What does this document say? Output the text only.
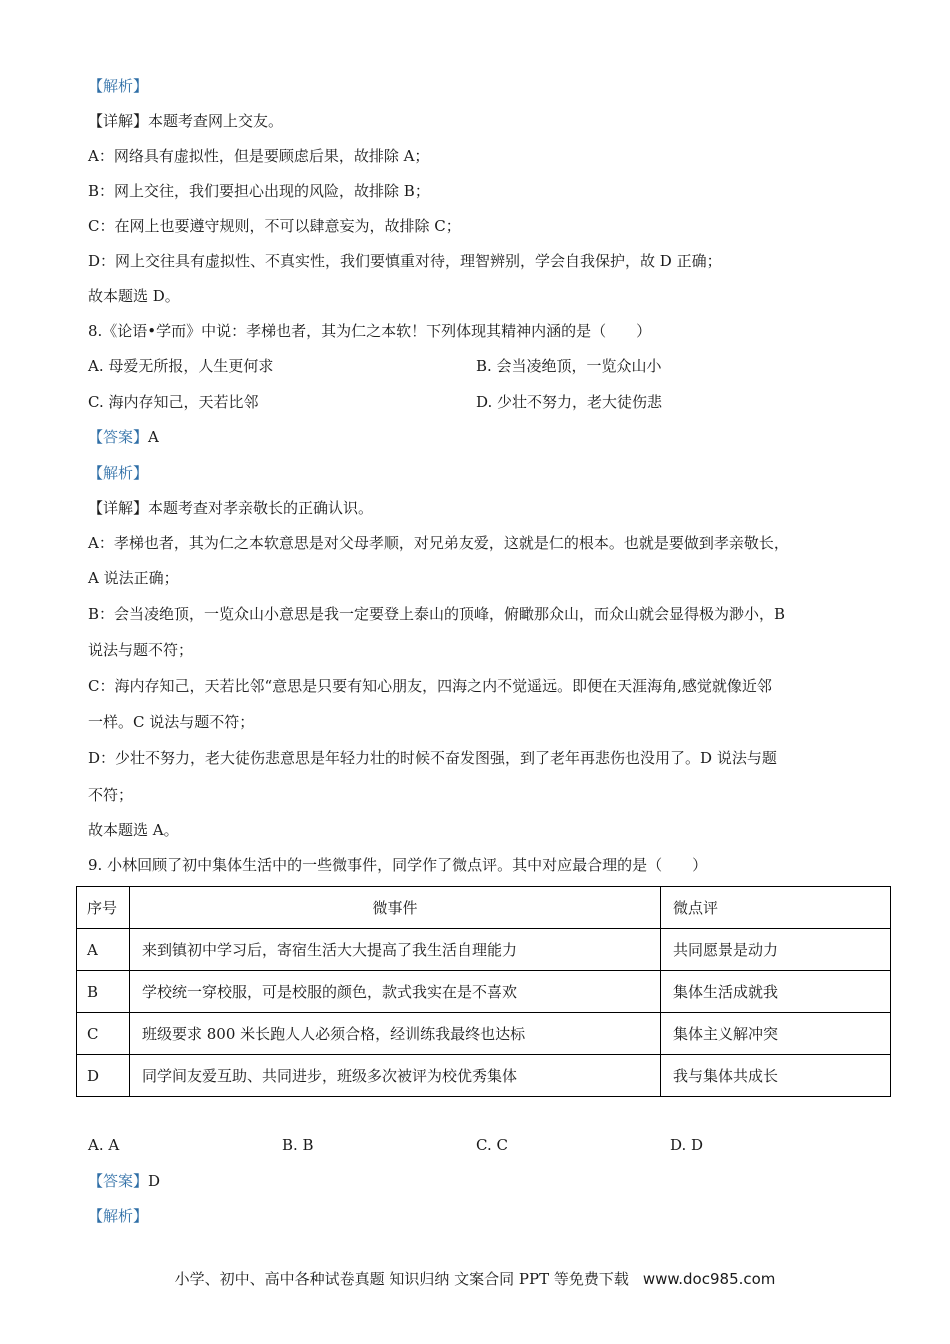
【解析】
【详解】本题考查网上交友。
A：网络具有虚拟性，但是要顾虑后果，故排除 A；
B：网上交往，我们要担心出现的风险，故排除 B；
C：在网上也要遵守规则，不可以肆意妄为，故排除 C；
D：网上交往具有虚拟性、不真实性，我们要慎重对待，理智辨别，学会自我保护，故 D 正确；
故本题选 D。
8.《论语•学而》中说：孝梯也者，其为仁之本软！下列体现其精神内涵的是（　　）
A. 母爱无所报，人生更何求	B. 会当凌绝顶，一览众山小
C. 海内存知己，天若比邻	D. 少壮不努力，老大徒伤悲
【答案】A
【解析】
【详解】本题考查对孝亲敬长的正确认识。
A：孝梯也者，其为仁之本软意思是对父母孝顺，对兄弟友爱，这就是仁的根本。也就是要做到孝亲敬长，
A 说法正确；
B：会当凌绝顶，一览众山小意思是我一定要登上泰山的顶峰，俯瞰那众山，而众山就会显得极为渺小，B
说法与题不符；
C：海内存知己，天若比邻“意思是只要有知心朋友，四海之内不觉遥远。即便在天涯海角,感觉就像近邻
一样。C 说法与题不符；
D：少壮不努力，老大徒伤悲意思是年轻力壮的时候不奋发图强，到了老年再悲伤也没用了。D 说法与题
不符；
故本题选 A。
9. 小林回顾了初中集体生活中的一些微事件，同学作了微点评。其中对应最合理的是（　　）
序号	微事件	微点评
A	来到镇初中学习后，寄宿生活大大提高了我生活自理能力	共同愿景是动力
B	学校统一穿校服，可是校服的颜色，款式我实在是不喜欢	集体生活成就我
C	班级要求 800 米长跑人人必须合格，经训练我最终也达标	集体主义解冲突
D	同学间友爱互助、共同进步，班级多次被评为校优秀集体	我与集体共成长
A. A	B. B	C. C	D. D
【答案】D
【解析】
小学、初中、高中各种试卷真题 知识归纳 文案合同 PPT 等免费下载 www.doc985.com
